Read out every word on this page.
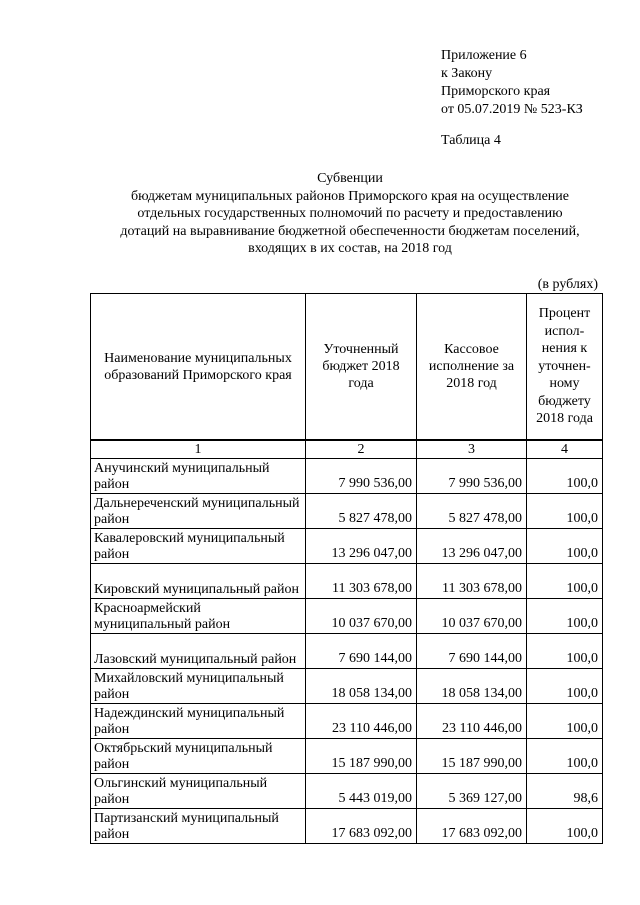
Приложение 6
к Закону
Приморского края
от 05.07.2019 № 523-КЗ
Таблица 4
Субвенции
бюджетам муниципальных районов Приморского края на осуществление
отдельных государственных полномочий по расчету и предоставлению
дотаций на выравнивание бюджетной обеспеченности бюджетам поселений,
входящих в их состав, на 2018 год
(в рублях)
Наименование муниципальных образований Приморского края	Уточненный бюджет 2018 года	Кассовое исполнение за 2018 год	Процент испол-нения к уточнен-ному бюджету 2018 года
1	2	3	4
Анучинский муниципальный район	7 990 536,00	7 990 536,00	100,0
Дальнереченский муниципальный район	5 827 478,00	5 827 478,00	100,0
Кавалеровский муниципальный район	13 296 047,00	13 296 047,00	100,0
Кировский муниципальный район	11 303 678,00	11 303 678,00	100,0
Красноармейский муниципальный район	10 037 670,00	10 037 670,00	100,0
Лазовский муниципальный район	7 690 144,00	7 690 144,00	100,0
Михайловский муниципальный район	18 058 134,00	18 058 134,00	100,0
Надеждинский муниципальный район	23 110 446,00	23 110 446,00	100,0
Октябрьский муниципальный район	15 187 990,00	15 187 990,00	100,0
Ольгинский муниципальный район	5 443 019,00	5 369 127,00	98,6
Партизанский муниципальный район	17 683 092,00	17 683 092,00	100,0
